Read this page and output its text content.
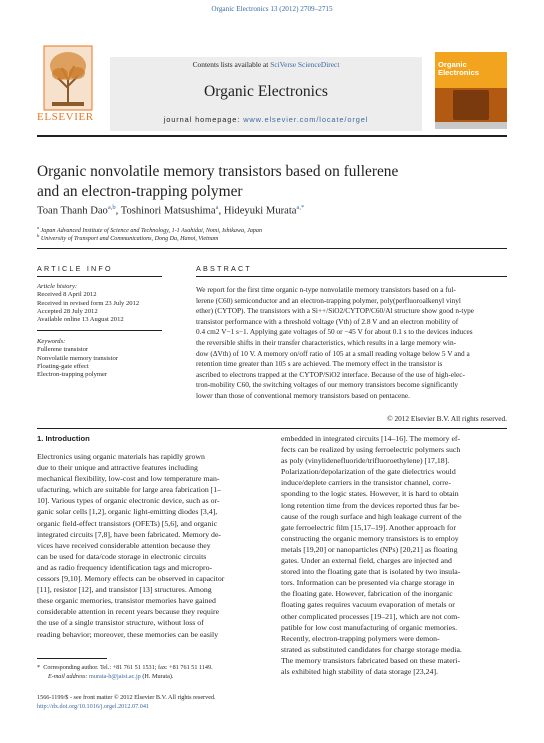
Organic Electronics 13 (2012) 2709–2715
ELSEVIER
Contents lists available at SciVerse ScienceDirect
Organic Electronics
journal homepage: www.elsevier.com/locate/orgel
Organic
Electronics
Organic nonvolatile memory transistors based on fullerene
and an electron-trapping polymer
Toan Thanh Dao$^{a,b}$, Toshinori Matsushima$^a$, Hideyuki Murata$^{a,*}$
$^a$ Japan Advanced Institute of Science and Technology, 1-1 Asahidai, Nomi, Ishikawa, Japan
$^b$ University of Transport and Communications, Dong Da, Hanoi, Vietnam
ARTICLE INFO	ABSTRACT
Article history:
Received 8 April 2012
Received in revised form 23 July 2012
Accepted 28 July 2012
Available online 13 August 2012
Keywords:
Fullerene transistor
Nonvolatile memory transistor
Floating-gate effect
Electron-trapping polymer
We report for the first time organic n-type nonvolatile memory transistors based on a ful-
lerene (C60) semiconductor and an electron-trapping polymer, poly(perfluoroalkenyl vinyl
ether) (CYTOP). The transistors with a Si++/SiO2/CYTOP/C60/Al structure show good n-type
transistor performance with a threshold voltage (Vth) of 2.8 V and an electron mobility of
0.4 cm2 V−1 s−1. Applying gate voltages of 50 or −45 V for about 0.1 s to the devices induces
the reversible shifts in their transfer characteristics, which results in a large memory win-
dow (ΔVth) of 10 V. A memory on/off ratio of 105 at a small reading voltage below 5 V and a
retention time greater than 105 s are achieved. The memory effect in the transistor is
ascribed to electrons trapped at the CYTOP/SiO2 interface. Because of the use of high-elec-
tron-mobility C60, the switching voltages of our memory transistors become significantly
lower than those of conventional memory transistors based on pentacene.
© 2012 Elsevier B.V. All rights reserved.
1. Introduction
Electronics using organic materials has rapidly grown
due to their unique and attractive features including
mechanical flexibility, low-cost and low temperature man-
ufacturing, which are suitable for large area fabrication [1–
10]. Various types of organic electronic device, such as or-
ganic solar cells [1,2], organic light-emitting diodes [3,4],
organic field-effect transistors (OFETs) [5,6], and organic
integrated circuits [7,8], have been fabricated. Memory de-
vices have received considerable attention because they
can be used for data/code storage in electronic circuits
and as radio frequency identification tags and micropro-
cessors [9,10]. Memory effects can be observed in capacitor
[11], resistor [12], and transistor [13] structures. Among
these organic memories, transistor memories have gained
considerable attention in recent years because they require
the use of a single transistor structure, without loss of
reading behavior; moreover, these memories can be easily
embedded in integrated circuits [14–16]. The memory ef-
fects can be realized by using ferroelectric polymers such
as poly (vinylidenefluoride/trifluoroethylene) [17,18].
Polarization/depolarization of the gate dielectrics would
induce/deplete carriers in the transistor channel, corre-
sponding to the logic states. However, it is hard to obtain
long retention time from the devices reported thus far be-
cause of the rough surface and high leakage current of the
gate ferroelectric film [15,17–19]. Another approach for
constructing the organic memory transistors is to employ
metals [19,20] or nanoparticles (NPs) [20,21] as floating
gates. Under an external field, charges are injected and
stored into the floating gate that is isolated by two insula-
tors. Information can be presented via charge storage in
the floating gate. However, fabrication of the inorganic
floating gates requires vacuum evaporation of metals or
other complicated processes [19–21], which are not com-
patible for low cost manufacturing of organic memories.
Recently, electron-trapping polymers were demon-
strated as substituted candidates for charge storage media.
The memory transistors fabricated based on these materi-
als exhibited high stability of data storage [23,24].
* Corresponding author. Tel.: +81 761 51 1531; fax: +81 761 51 1149.
E-mail address: murata-h@jaist.ac.jp (H. Murata).
1566-1199/$ - see front matter © 2012 Elsevier B.V. All rights reserved.
http://dx.doi.org/10.1016/j.orgel.2012.07.041
